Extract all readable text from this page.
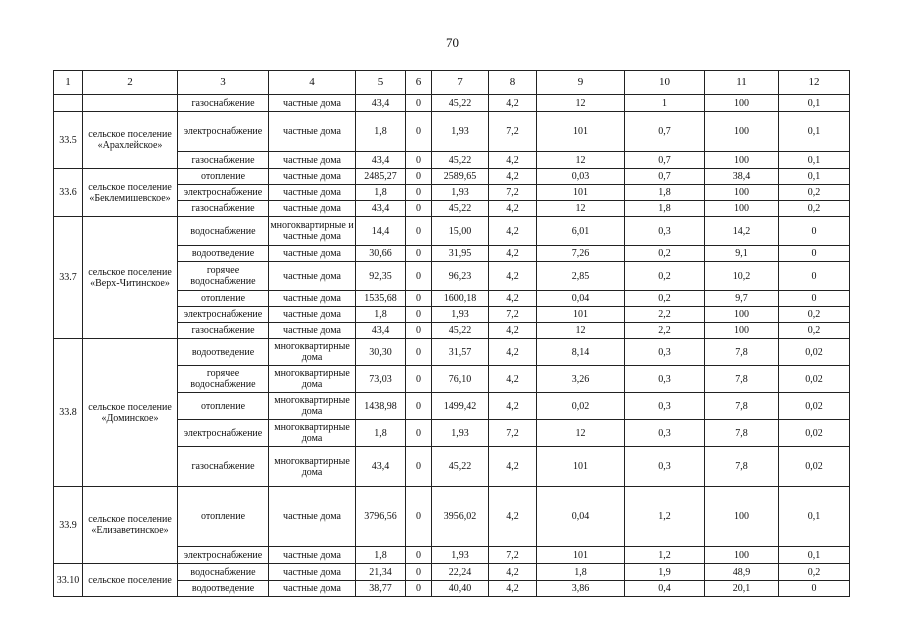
70
1	2	3	4	5	6	7	8	9	10	11	12
		газоснабжение	частные дома	43,4	0	45,22	4,2	12	1	100	0,1
33.5	сельское поселение «Арахлейское»	электроснабжение	частные дома	1,8	0	1,93	7,2	101	0,7	100	0,1
		газоснабжение	частные дома	43,4	0	45,22	4,2	12	0,7	100	0,1
33.6	сельское поселение «Беклемишевское»	отопление	частные дома	2485,27	0	2589,65	4,2	0,03	0,7	38,4	0,1
		электроснабжение	частные дома	1,8	0	1,93	7,2	101	1,8	100	0,2
		газоснабжение	частные дома	43,4	0	45,22	4,2	12	1,8	100	0,2
33.7	сельское поселение «Верх-Читинское»	водоснабжение	многоквартирные и частные дома	14,4	0	15,00	4,2	6,01	0,3	14,2	0
		водоотведение	частные дома	30,66	0	31,95	4,2	7,26	0,2	9,1	0
		горячее водоснабжение	частные дома	92,35	0	96,23	4,2	2,85	0,2	10,2	0
		отопление	частные дома	1535,68	0	1600,18	4,2	0,04	0,2	9,7	0
		электроснабжение	частные дома	1,8	0	1,93	7,2	101	2,2	100	0,2
		газоснабжение	частные дома	43,4	0	45,22	4,2	12	2,2	100	0,2
33.8	сельское поселение «Доминское»	водоотведение	многоквартирные дома	30,30	0	31,57	4,2	8,14	0,3	7,8	0,02
		горячее водоснабжение	многоквартирные дома	73,03	0	76,10	4,2	3,26	0,3	7,8	0,02
		отопление	многоквартирные дома	1438,98	0	1499,42	4,2	0,02	0,3	7,8	0,02
		электроснабжение	многоквартирные дома	1,8	0	1,93	7,2	12	0,3	7,8	0,02
		газоснабжение	многоквартирные дома	43,4	0	45,22	4,2	101	0,3	7,8	0,02
33.9	сельское поселение «Елизаветинское»	отопление	частные дома	3796,56	0	3956,02	4,2	0,04	1,2	100	0,1
		электроснабжение	частные дома	1,8	0	1,93	7,2	101	1,2	100	0,1
33.10	сельское поселение	водоснабжение	частные дома	21,34	0	22,24	4,2	1,8	1,9	48,9	0,2
		водоотведение	частные дома	38,77	0	40,40	4,2	3,86	0,4	20,1	0
